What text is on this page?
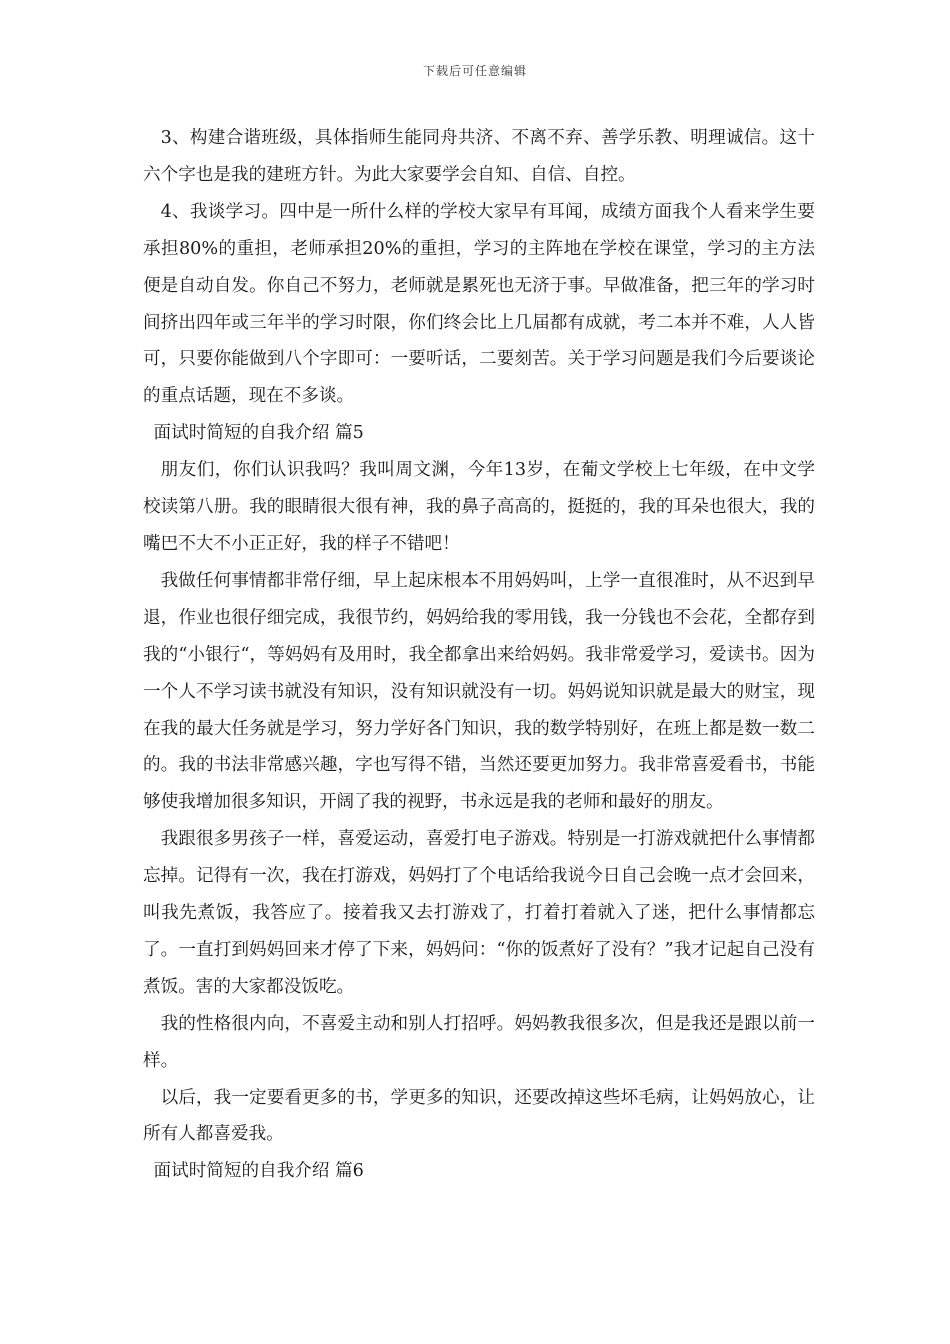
下载后可任意编辑

3、构建合谐班级，具体指师生能同舟共济、不离不弃、善学乐教、明理诚信。这十六个字也是我的建班方针。为此大家要学会自知、自信、自控。

4、我谈学习。四中是一所什么样的学校大家早有耳闻，成绩方面我个人看来学生要承担80%的重担，老师承担20%的重担，学习的主阵地在学校在课堂，学习的主方法便是自动自发。你自己不努力，老师就是累死也无济于事。早做准备，把三年的学习时间挤出四年或三年半的学习时限，你们终会比上几届都有成就，考二本并不难，人人皆可，只要你能做到八个字即可：一要听话，二要刻苦。关于学习问题是我们今后要谈论的重点话题，现在不多谈。

面试时简短的自我介绍 篇5

朋友们，你们认识我吗？我叫周文渊，今年13岁，在葡文学校上七年级，在中文学校读第八册。我的眼睛很大很有神，我的鼻子高高的，挺挺的，我的耳朵也很大，我的嘴巴不大不小正正好，我的样子不错吧！

我做任何事情都非常仔细，早上起床根本不用妈妈叫，上学一直很准时，从不迟到早退，作业也很仔细完成，我很节约，妈妈给我的零用钱，我一分钱也不会花，全都存到我的“小银行“，等妈妈有及用时，我全都拿出来给妈妈。我非常爱学习，爱读书。因为一个人不学习读书就没有知识，没有知识就没有一切。妈妈说知识就是最大的财宝，现在我的最大任务就是学习，努力学好各门知识，我的数学特别好，在班上都是数一数二的。我的书法非常感兴趣，字也写得不错，当然还要更加努力。我非常喜爱看书，书能够使我增加很多知识，开阔了我的视野，书永远是我的老师和最好的朋友。

我跟很多男孩子一样，喜爱运动，喜爱打电子游戏。特别是一打游戏就把什么事情都忘掉。记得有一次，我在打游戏，妈妈打了个电话给我说今日自己会晚一点才会回来，叫我先煮饭，我答应了。接着我又去打游戏了，打着打着就入了迷，把什么事情都忘了。一直打到妈妈回来才停了下来，妈妈问：“你的饭煮好了没有？”我才记起自己没有煮饭。害的大家都没饭吃。

我的性格很内向，不喜爱主动和别人打招呼。妈妈教我很多次，但是我还是跟以前一样。

以后，我一定要看更多的书，学更多的知识，还要改掉这些坏毛病，让妈妈放心，让所有人都喜爱我。

面试时简短的自我介绍 篇6
